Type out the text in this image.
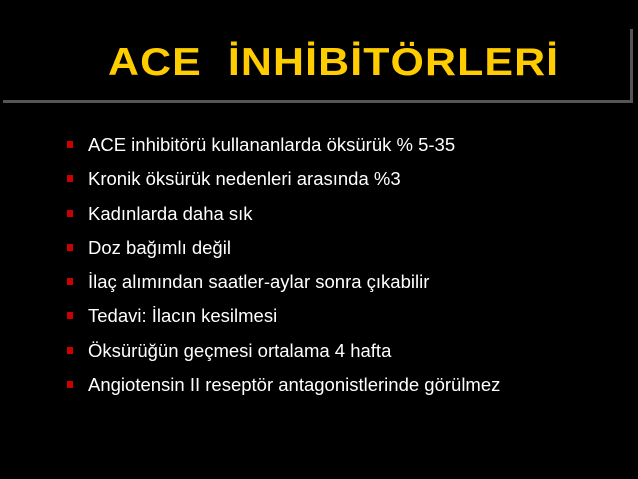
ACE  İNHİBİTÖRLERİ
ACE inhibitörü kullananlarda öksürük % 5-35
Kronik öksürük nedenleri arasında %3
Kadınlarda daha sık
Doz bağımlı değil
İlaç alımından saatler-aylar sonra çıkabilir
Tedavi: İlacın kesilmesi
Öksürüğün geçmesi ortalama 4 hafta
Angiotensin II reseptör antagonistlerinde görülmez
